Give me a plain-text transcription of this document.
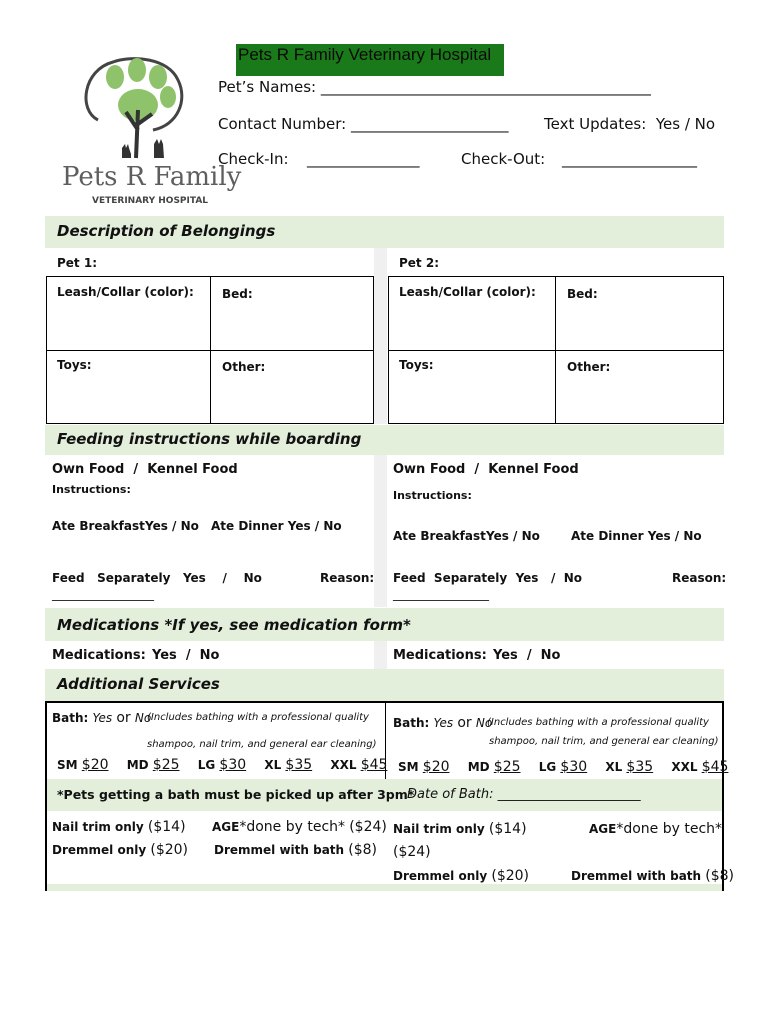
Pets R Family Veterinary Hospital
Pets R Family
VETERINARY HOSPITAL
Pet’s Names: ____________________________________________
Contact Number: _____________________ Text Updates:  Yes / No
Check-In: _______________	Check-Out: __________________
Description of Belongings
Pet 1:	Pet 2:
Leash/Collar (color): Bed:
Toys:	Other:
Leash/Collar (color):	Bed:
Toys:	Other:
Feeding instructions while boarding
Own Food  /  Kennel Food
Instructions:
Ate Breakfast Yes / No Ate Dinner Yes / No
Feed   Separately   Yes    /    No	Reason:
_________________
Own Food  /  Kennel Food
Instructions:
Ate Breakfast Yes / No	Ate Dinner Yes / No
Feed  Separately  Yes   /  No	Reason:
________________
Medications *If yes, see medication form*
Medications: Yes  /  No	Medications: Yes  /  No
Additional Services
Bath: Yes or No
(Includes bathing with a professional quality
shampoo, nail trim, and general ear cleaning)
SM $20 MD $25 LG $30 XL $35 XXL $45
Bath: Yes or No
(Includes bathing with a professional quality
shampoo, nail trim, and general ear cleaning)
SM $20 MD $25 LG $30 XL $35 XXL $45
*Pets getting a bath must be picked up after 3pm*
Date of Bath: ______________________
Nail trim only ($14) AGE*done by tech* ($24)
Dremmel only ($20) Dremmel with bath ($8)
Nail trim only ($14)	AGE*done by tech*
($24)
Dremmel only ($20)	Dremmel with bath ($8)
